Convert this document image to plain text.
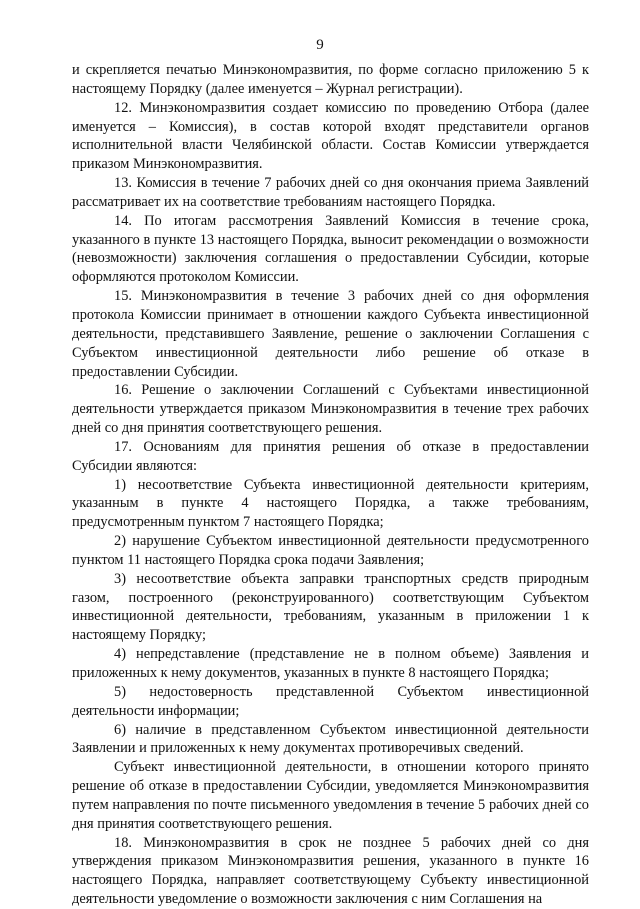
9

и скрепляется печатью Минэкономразвития, по форме согласно приложению 5 к настоящему Порядку (далее именуется – Журнал регистрации).

12. Минэкономразвития создает комиссию по проведению Отбора (далее именуется – Комиссия), в состав которой входят представители органов исполнительной власти Челябинской области. Состав Комиссии утверждается приказом Минэкономразвития.

13. Комиссия в течение 7 рабочих дней со дня окончания приема Заявлений рассматривает их на соответствие требованиям настоящего Порядка.

14. По итогам рассмотрения Заявлений Комиссия в течение срока, указанного в пункте 13 настоящего Порядка, выносит рекомендации о возможности (невозможности) заключения соглашения о предоставлении Субсидии, которые оформляются протоколом Комиссии.

15. Минэкономразвития в течение 3 рабочих дней со дня оформления протокола Комиссии принимает в отношении каждого Субъекта инвестиционной деятельности, представившего Заявление, решение о заключении Соглашения с Субъектом инвестиционной деятельности либо решение об отказе в предоставлении Субсидии.

16. Решение о заключении Соглашений с Субъектами инвестиционной деятельности утверждается приказом Минэкономразвития в течение трех рабочих дней со дня принятия соответствующего решения.

17. Основаниям для принятия решения об отказе в предоставлении Субсидии являются:

1) несоответствие Субъекта инвестиционной деятельности критериям, указанным в пункте 4 настоящего Порядка, а также требованиям, предусмотренным пунктом 7 настоящего Порядка;

2) нарушение Субъектом инвестиционной деятельности предусмотренного пунктом 11 настоящего Порядка срока подачи Заявления;

3) несоответствие объекта заправки транспортных средств природным газом, построенного (реконструированного) соответствующим Субъектом инвестиционной деятельности, требованиям, указанным в приложении 1 к настоящему Порядку;

4) непредставление (представление не в полном объеме) Заявления и приложенных к нему документов, указанных в пункте 8 настоящего Порядка;

5) недостоверность представленной Субъектом инвестиционной деятельности информации;

6) наличие в представленном Субъектом инвестиционной деятельности Заявлении и приложенных к нему документах противоречивых сведений.

Субъект инвестиционной деятельности, в отношении которого принято решение об отказе в предоставлении Субсидии, уведомляется Минэкономразвития путем направления по почте письменного уведомления в течение 5 рабочих дней со дня принятия соответствующего решения.

18. Минэкономразвития в срок не позднее 5 рабочих дней со дня утверждения приказом Минэкономразвития решения, указанного в пункте 16 настоящего Порядка, направляет соответствующему Субъекту инвестиционной деятельности уведомление о возможности заключения с ним Соглашения на
